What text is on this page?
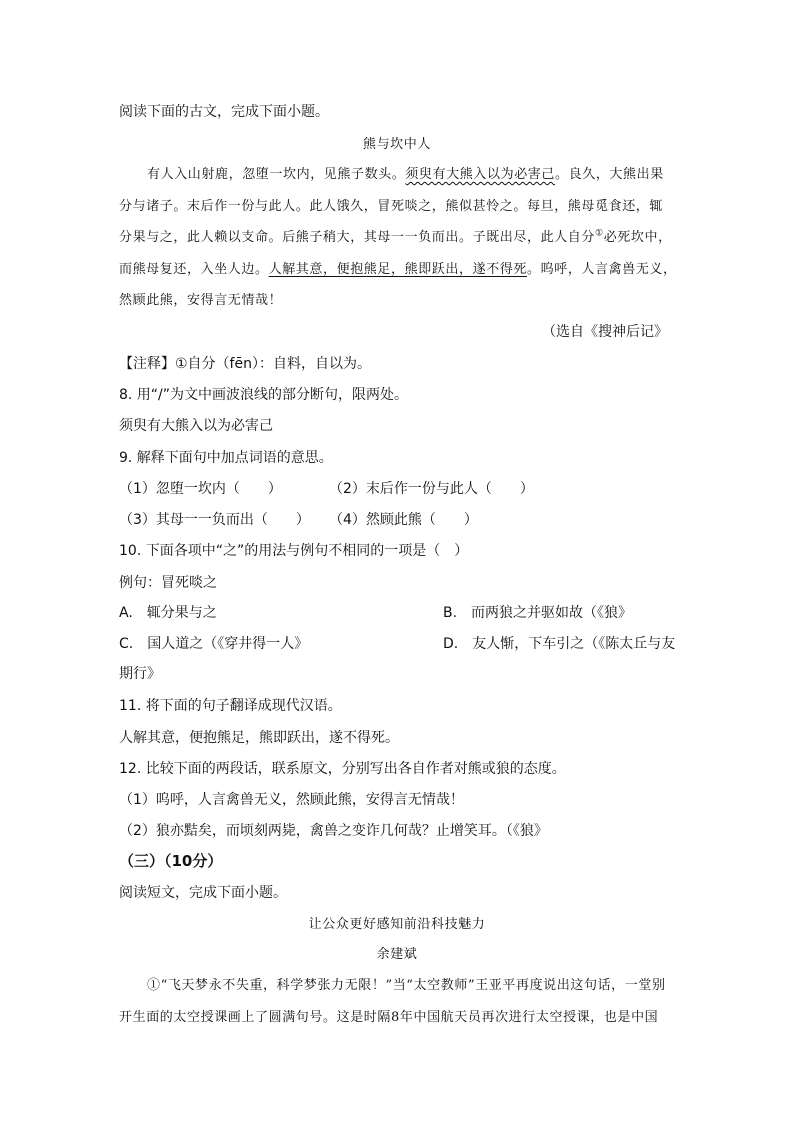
阅读下面的古文，完成下面小题。
熊与坎中人
有人入山射鹿，忽堕一坎内，见熊子数头。须臾有大熊入以为必害己。良久，大熊出果
分与诸子。末后作一份与此人。此人饿久，冒死啖之，熊似甚怜之。每旦，熊母觅食还，辄
分果与之，此人赖以支命。后熊子稍大，其母一一负而出。子既出尽，此人自分①必死坎中，
而熊母复还，入坐人边。人解其意，便抱熊足，熊即跃出，遂不得死。呜呼，人言禽兽无义，
然顾此熊，安得言无情哉！
（选自《搜神后记》
【注释】①自分（fēn）：自料，自以为。
8. 用“/”为文中画波浪线的部分断句，限两处。
须臾有大熊入以为必害己
9. 解释下面句中加点词语的意思。
（1）忽堕一坎内（　　）	（2）末后作一份与此人（　　）
（3）其母一一负而出（　　） （4）然顾此熊（　　）
10. 下面各项中“之”的用法与例句不相同的一项是（　）
例句：冒死啖之
A.　辄分果与之	B.　而两狼之并驱如故（《狼》
C.　国人道之（《穿井得一人》	D.　友人惭，下车引之（《陈太丘与友
期行》
11. 将下面的句子翻译成现代汉语。
人解其意，便抱熊足，熊即跃出，遂不得死。
12. 比较下面的两段话，联系原文，分别写出各自作者对熊或狼的态度。
（1）呜呼，人言禽兽无义，然顾此熊，安得言无情哉！
（2）狼亦黠矣，而顷刻两毙，禽兽之变诈几何哉？止增笑耳。（《狼》
（三）（10分）
阅读短文，完成下面小题。
让公众更好感知前沿科技魅力
余建斌
①“飞天梦永不失重，科学梦张力无限！”当“太空教师”王亚平再度说出这句话，一堂别
开生面的太空授课画上了圆满句号。这是时隔8年中国航天员再次进行太空授课，也是中国
